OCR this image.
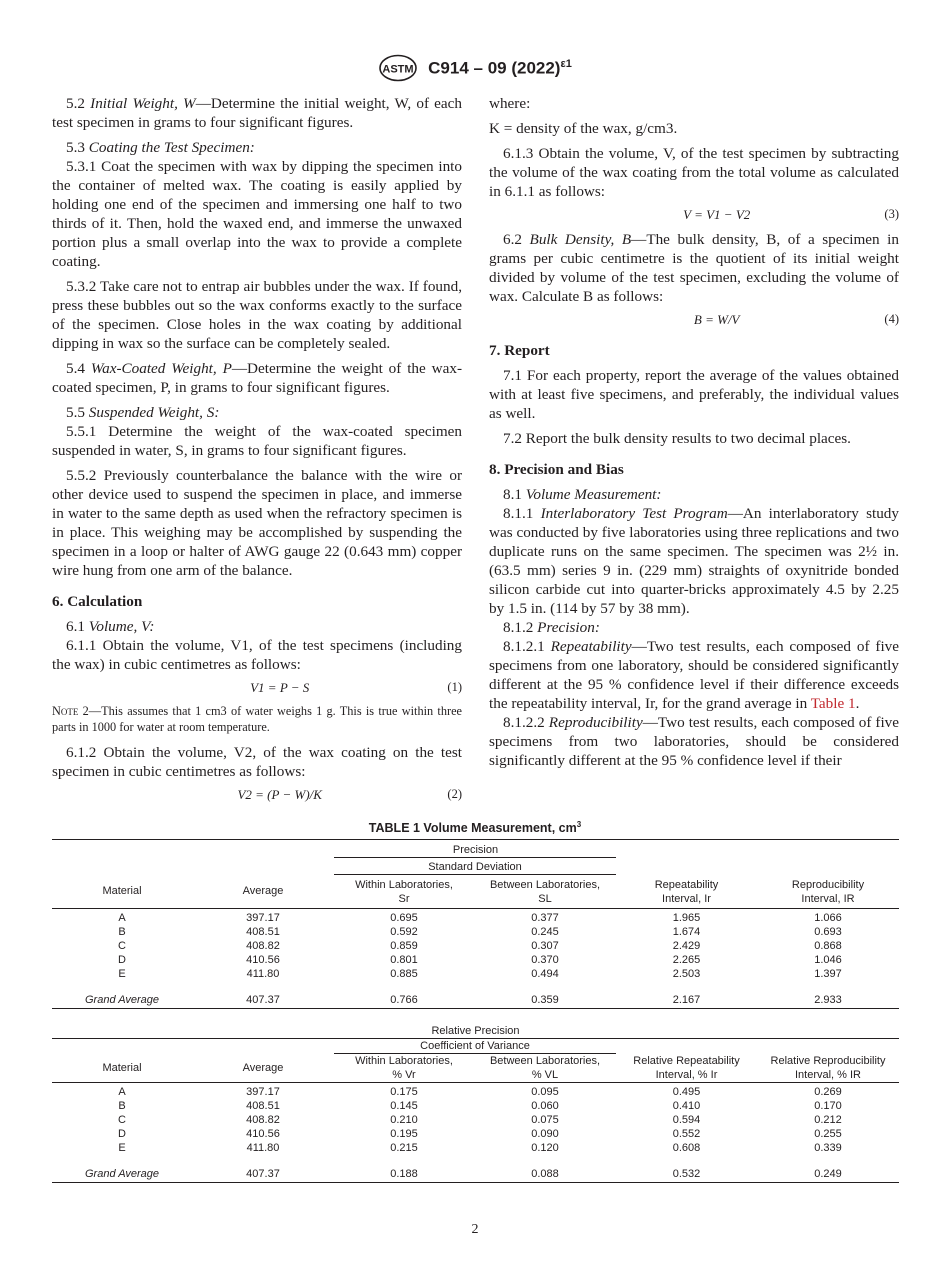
ASTM C914 – 09 $(2022)^{\varepsilon 1}$

5.2 Initial Weight, W—Determine the initial weight, W, of each test specimen in grams to four significant figures.

5.3 Coating the Test Specimen:

5.3.1 Coat the specimen with wax by dipping the specimen into the container of melted wax. The coating is easily applied by holding one end of the specimen and immersing one half to two thirds of it. Then, hold the waxed end, and immerse the unwaxed portion plus a small overlap into the wax to provide a complete coating.

5.3.2 Take care not to entrap air bubbles under the wax. If found, press these bubbles out so the wax conforms exactly to the surface of the specimen. Close holes in the wax coating by additional dipping in wax so the surface can be completely sealed.

5.4 Wax-Coated Weight, P—Determine the weight of the wax-coated specimen, P, in grams to four significant figures.

5.5 Suspended Weight, S:

5.5.1 Determine the weight of the wax-coated specimen suspended in water, S, in grams to four significant figures.

5.5.2 Previously counterbalance the balance with the wire or other device used to suspend the specimen in place, and immerse in water to the same depth as used when the refractory specimen is in place. This weighing may be accomplished by suspending the specimen in a loop or halter of AWG gauge 22 (0.643 mm) copper wire hung from one arm of the balance.

6. Calculation

6.1 Volume, V:

6.1.1 Obtain the volume, V1, of the test specimens (including the wax) in cubic centimetres as follows:

V1 = P − S	(1)

Note 2—This assumes that 1 cm3 of water weighs 1 g. This is true within three parts in 1000 for water at room temperature.

6.1.2 Obtain the volume, V2, of the wax coating on the test specimen in cubic centimetres as follows:

V2 = (P − W)/K	(2)

where:

K = density of the wax, g/cm3.

6.1.3 Obtain the volume, V, of the test specimen by subtracting the volume of the wax coating from the total volume as calculated in 6.1.1 as follows:

V = V1 − V2	(3)

6.2 Bulk Density, B—The bulk density, B, of a specimen in grams per cubic centimetre is the quotient of its initial weight divided by volume of the test specimen, excluding the volume of wax. Calculate B as follows:

B = W/V	(4)
7. Report

7.1 For each property, report the average of the values obtained with at least five specimens, and preferably, the individual values as well.

7.2 Report the bulk density results to two decimal places.

8. Precision and Bias

8.1 Volume Measurement:

8.1.1 Interlaboratory Test Program—An interlaboratory study was conducted by five laboratories using three replications and two duplicate runs on the same specimen. The specimen was 2½ in. (63.5 mm) series 9 in. (229 mm) straights of oxynitride bonded silicon carbide cut into quarter-bricks approximately 4.5 by 2.25 by 1.5 in. (114 by 57 by 38 mm).

8.1.2 Precision:

8.1.2.1 Repeatability—Two test results, each composed of five specimens from one laboratory, should be considered significantly different at the 95 % confidence level if their difference exceeds the repeatability interval, Ir, for the grand average in Table 1.

8.1.2.2 Reproducibility—Two test results, each composed of five specimens from two laboratories, should be considered significantly different at the 95 % confidence level if their

TABLE 1 Volume Measurement, $cm^3$
Precision					
		Standard Deviation			
Material	Average	Within Laboratories,	Between Laboratories,	Repeatability	Reproducibility
		Sr	SL	Interval, Ir	Interval, IR
A	397.17	0.695	0.377	1.965	1.066
B	408.51	0.592	0.245	1.674	0.693
C	408.82	0.859	0.307	2.429	0.868
D	410.56	0.801	0.370	2.265	1.046
E	411.80	0.885	0.494	2.503	1.397

Grand Average	407.37	0.766	0.359	2.167	2.933
Relative Precision					
		Coefficient of Variance			
Material	Average	Within Laboratories,	Between Laboratories,	Relative Repeatability	Relative Reproducibility
		% Vr	% VL	Interval, % Ir	Interval, % IR
A	397.17	0.175	0.095	0.495	0.269
B	408.51	0.145	0.060	0.410	0.170
C	408.82	0.210	0.075	0.594	0.212
D	410.56	0.195	0.090	0.552	0.255
E	411.80	0.215	0.120	0.608	0.339

Grand Average	407.37	0.188	0.088	0.532	0.249
2
